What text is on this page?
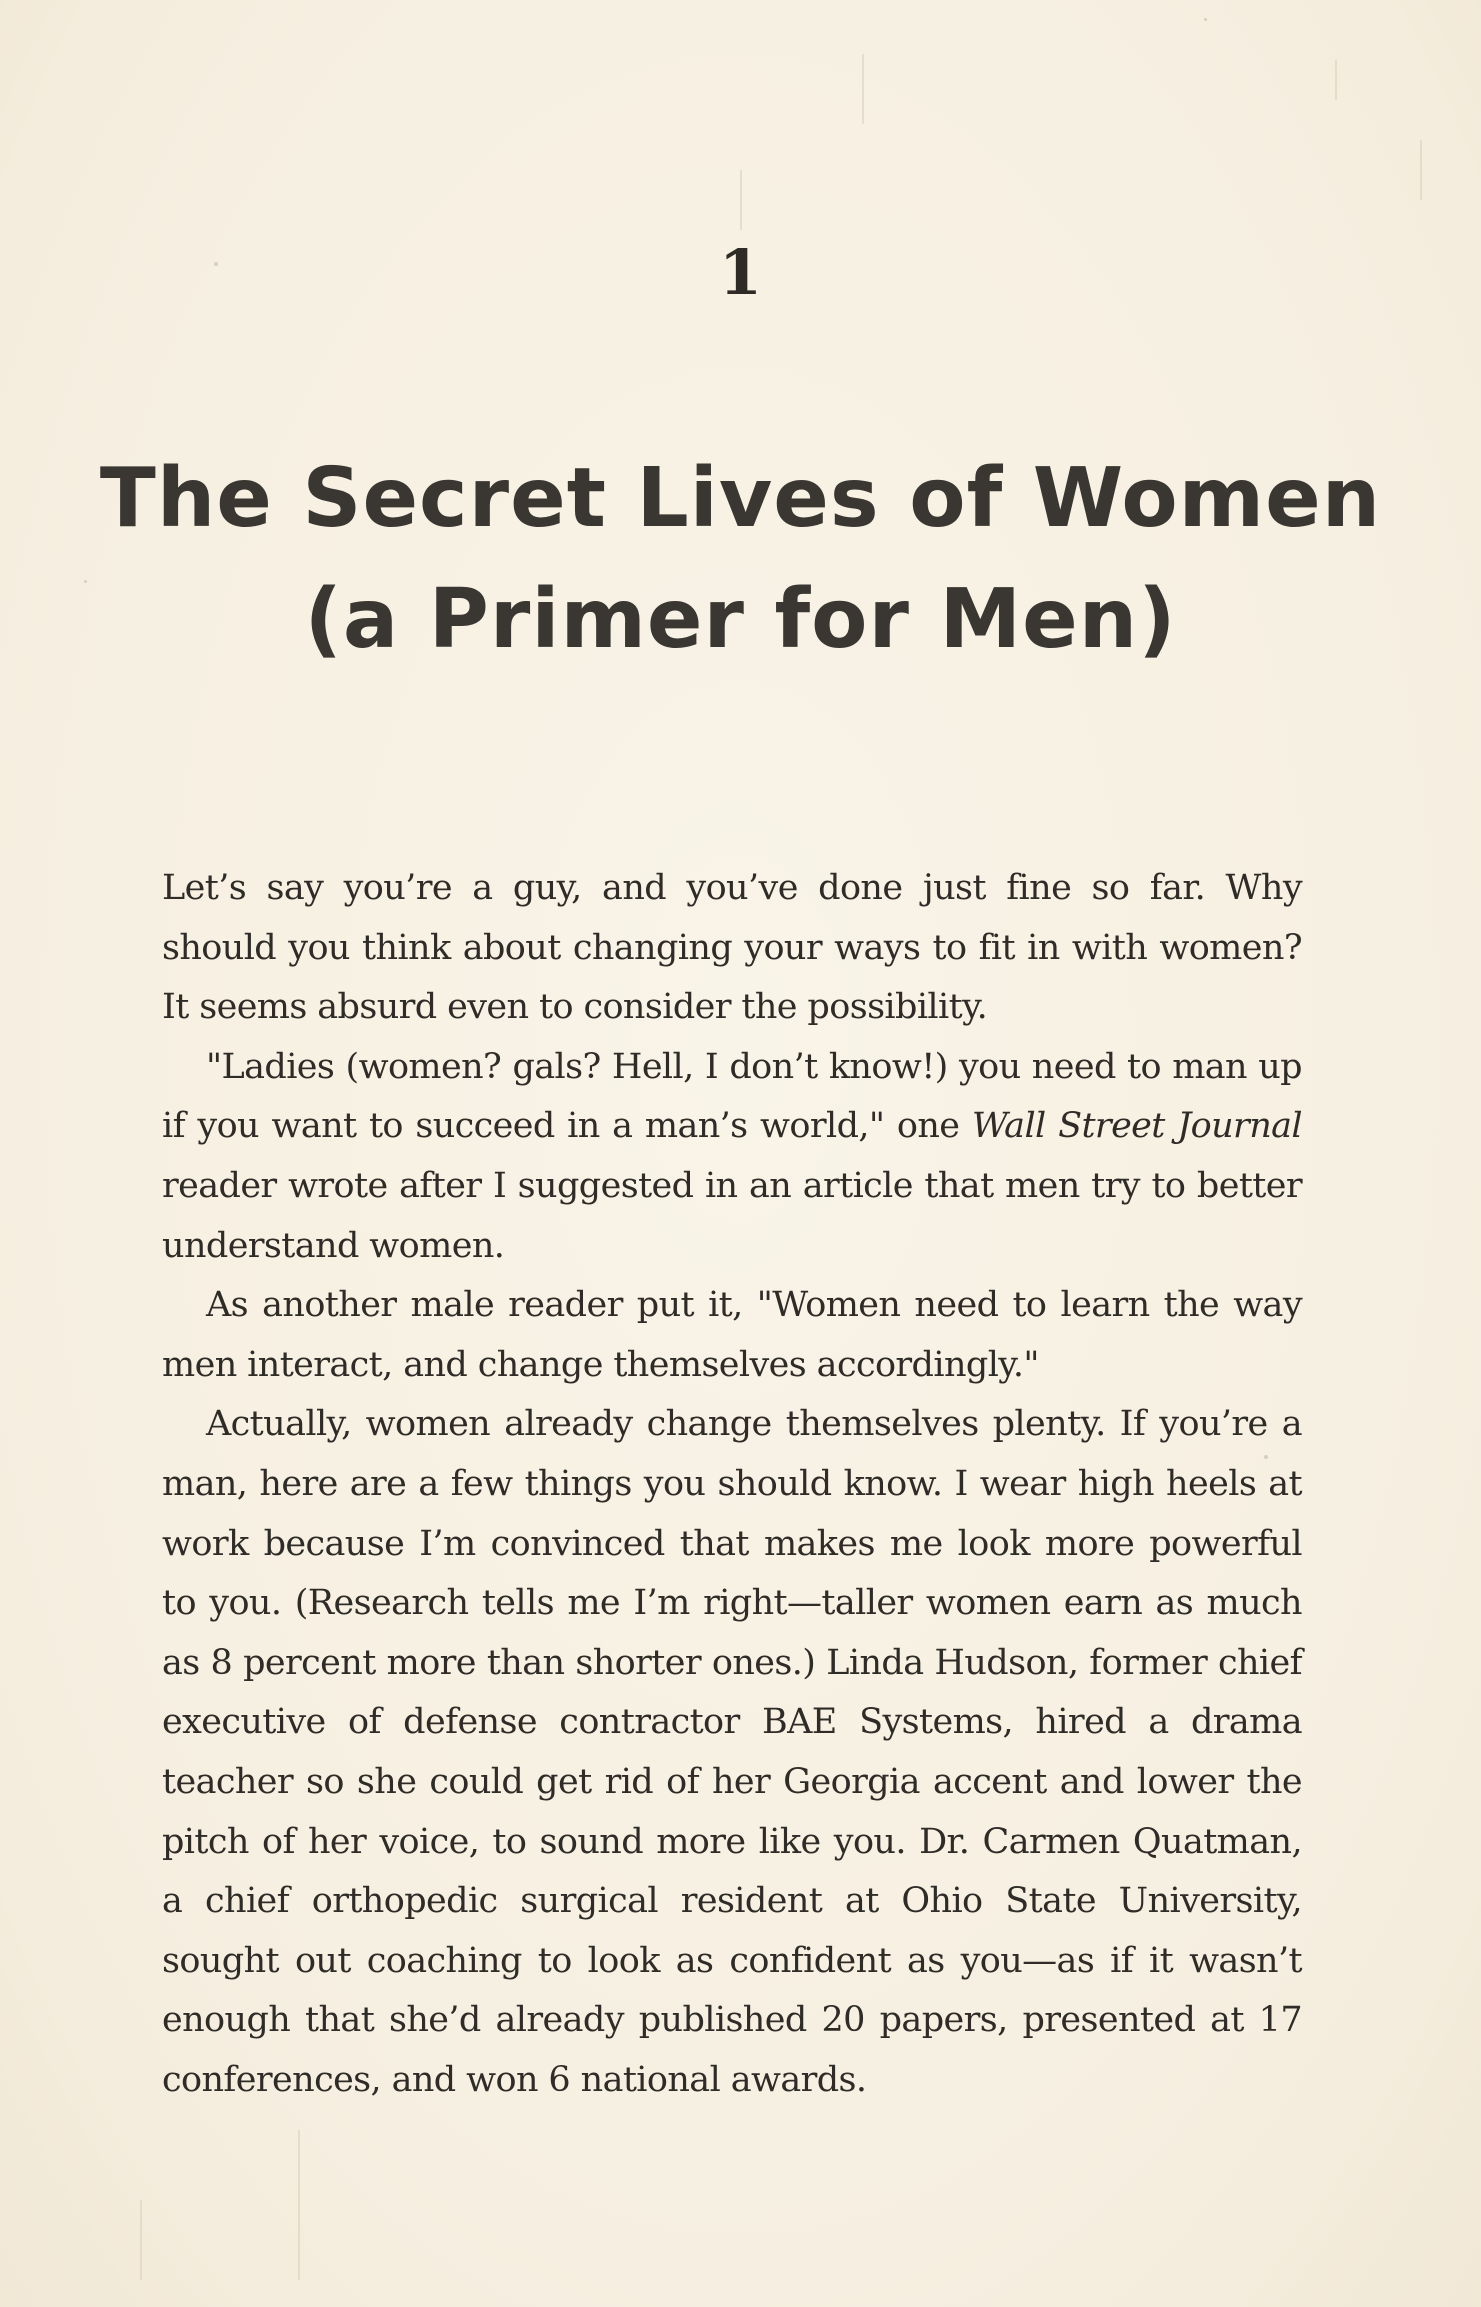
1
The Secret Lives of Women
(a Primer for Men)

Let’s say you’re a guy, and you’ve done just fine so far. Why should you think about changing your ways to fit in with women? It seems absurd even to consider the possibility.

"Ladies (women? gals? Hell, I don’t know!) you need to man up if you want to succeed in a man’s world," one Wall Street Journal reader wrote after I suggested in an article that men try to better understand women.

As another male reader put it, "Women need to learn the way men interact, and change themselves accordingly."

Actually, women already change themselves plenty. If you’re a man, here are a few things you should know. I wear high heels at work because I’m convinced that makes me look more powerful to you. (Research tells me I’m right—taller women earn as much as 8 percent more than shorter ones.) Linda Hudson, former chief executive of defense contractor BAE Systems, hired a drama teacher so she could get rid of her Georgia accent and lower the pitch of her voice, to sound more like you. Dr. Carmen Quatman, a chief orthopedic surgical resident at Ohio State University, sought out coaching to look as confident as you—as if it wasn’t enough that she’d already published 20 papers, presented at 17 conferences, and won 6 national awards.
